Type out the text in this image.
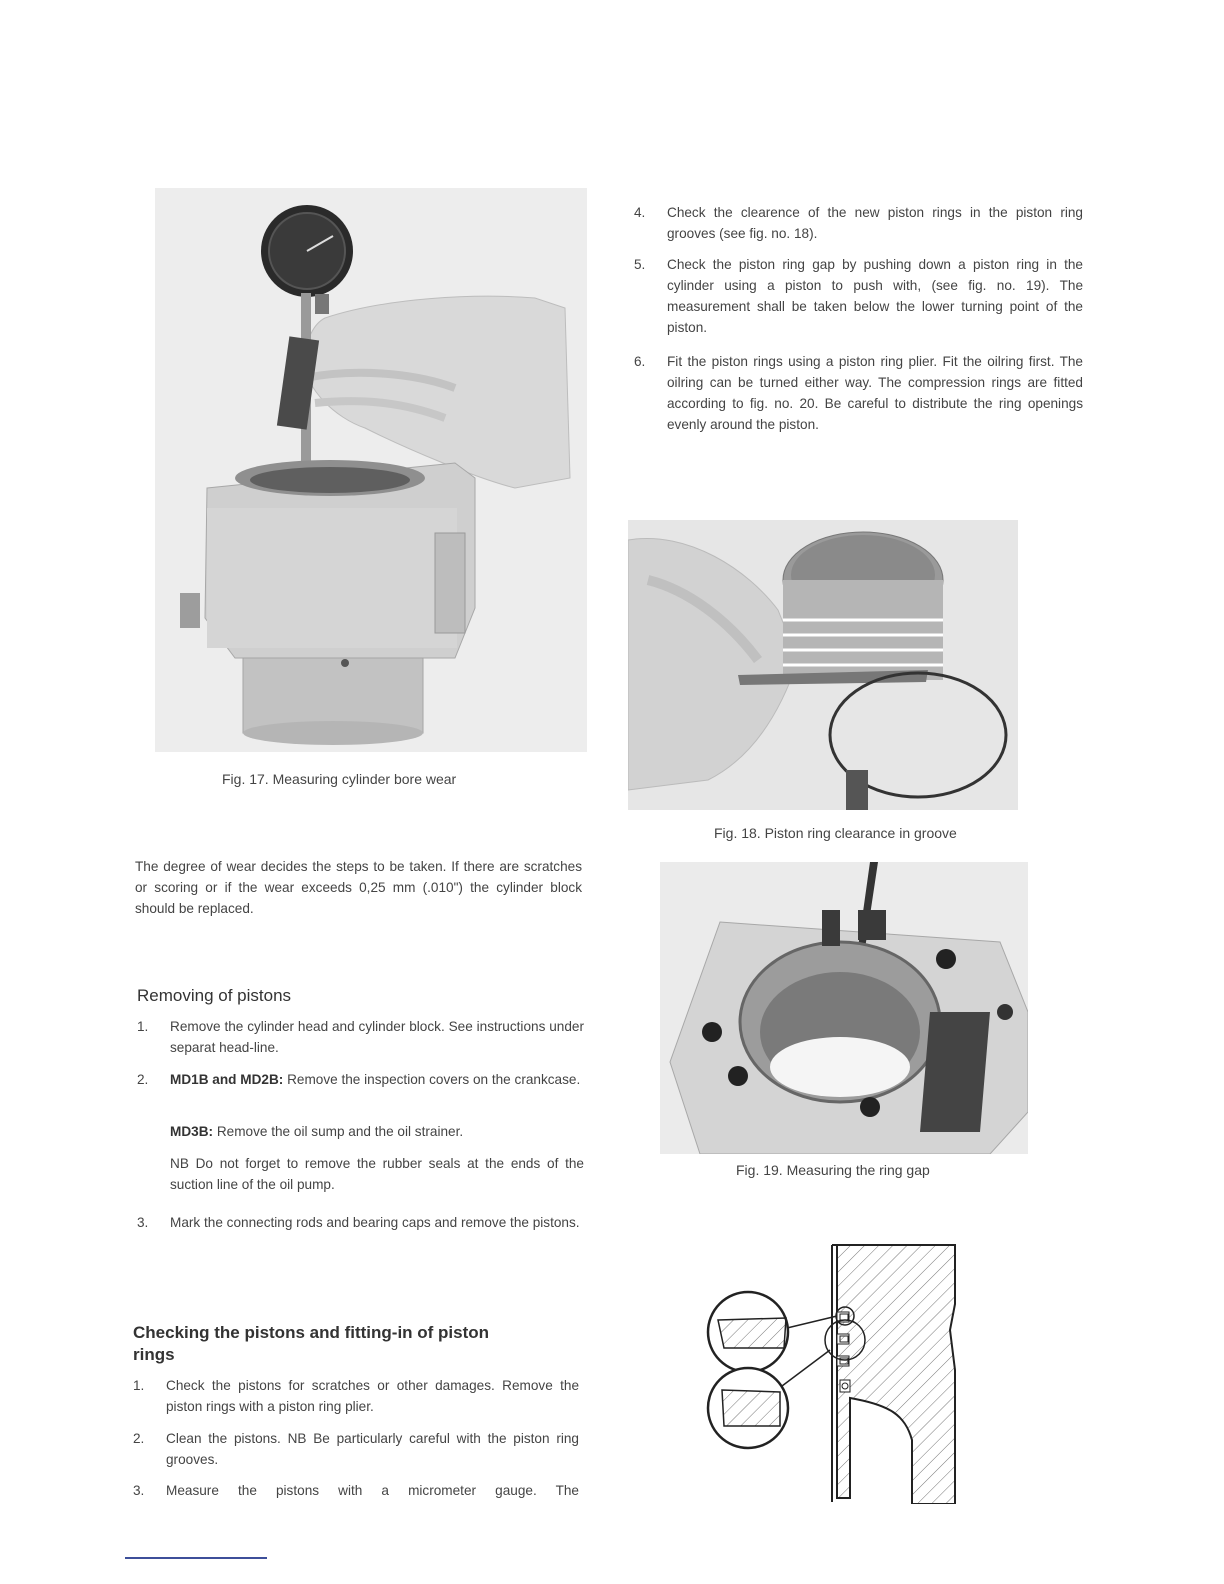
Fig. 17. Measuring cylinder bore wear
The degree of wear decides the steps to be taken. If there are scratches or scoring or if the wear exceeds 0,25 mm (.010") the cylinder block should be replaced.
Removing of pistons
1. Remove the cylinder head and cylinder block. See instructions under separat head-line.
2. MD1B and MD2B: Remove the inspection covers on the crankcase.
MD3B: Remove the oil sump and the oil strainer.
NB Do not forget to remove the rubber seals at the ends of the suction line of the oil pump.
3. Mark the connecting rods and bearing caps and remove the pistons.
Checking the pistons and fitting-in of piston
rings
1. Check the pistons for scratches or other damages. Remove the piston rings with a piston ring plier.
2. Clean the pistons. NB Be particularly careful with the piston ring grooves.
3. Measure the pistons with a micrometer gauge. The
4. Check the clearence of the new piston rings in the piston ring grooves (see fig. no. 18).
5. Check the piston ring gap by pushing down a piston ring in the cylinder using a piston to push with, (see fig. no. 19). The measurement shall be taken below the lower turning point of the piston.
6. Fit the piston rings using a piston ring plier. Fit the oilring first. The oilring can be turned either way. The compression rings are fitted according to fig. no. 20. Be careful to distribute the ring openings evenly around the piston.
Fig. 18. Piston ring clearance in groove
Fig. 19. Measuring the ring gap
